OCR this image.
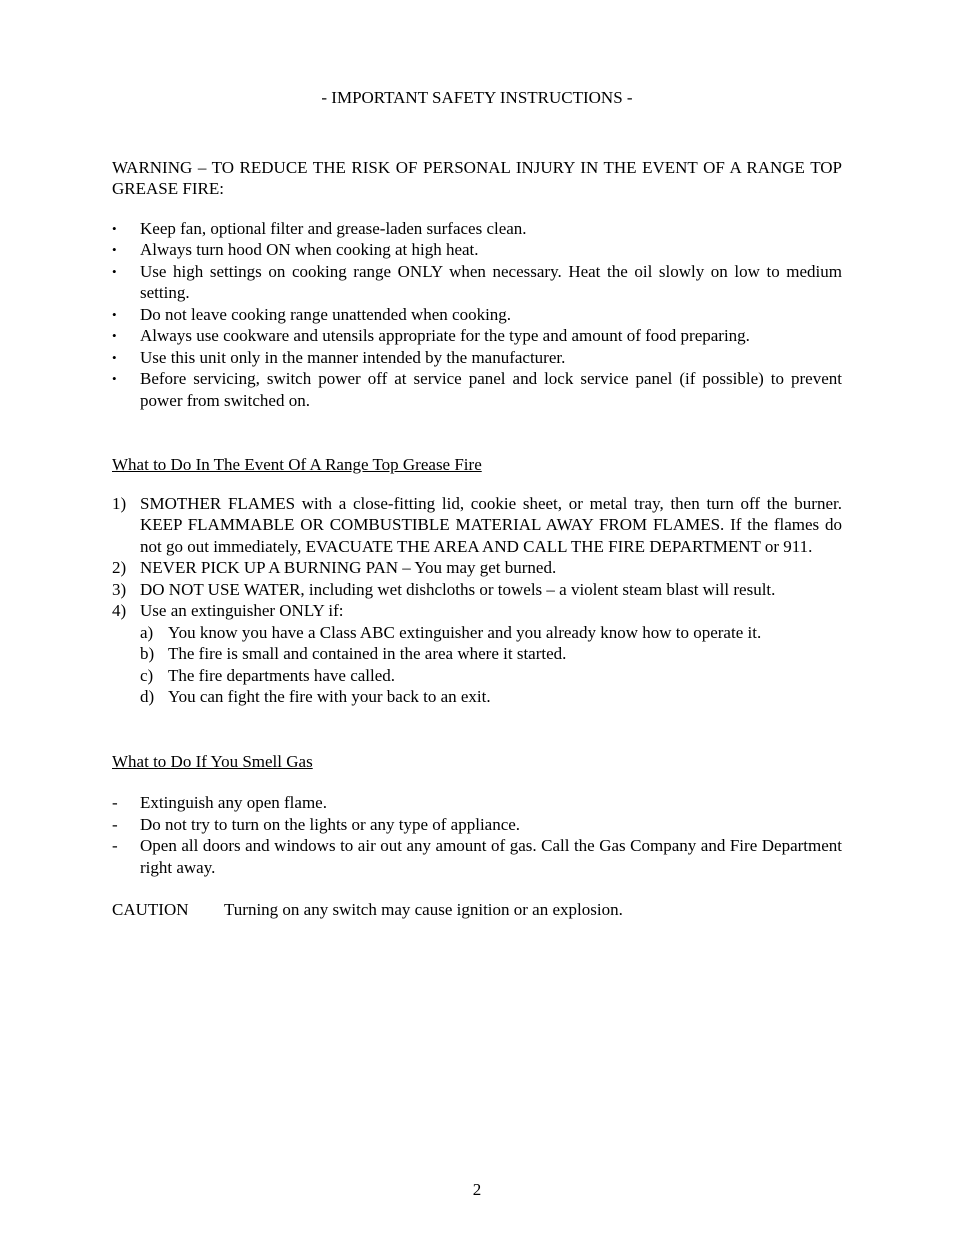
- IMPORTANT SAFETY INSTRUCTIONS -

WARNING – TO REDUCE THE RISK OF PERSONAL INJURY IN THE EVENT OF A RANGE TOP GREASE FIRE:

• Keep fan, optional filter and grease-laden surfaces clean.
• Always turn hood ON when cooking at high heat.
• Use high settings on cooking range ONLY when necessary. Heat the oil slowly on low to medium setting.
• Do not leave cooking range unattended when cooking.
• Always use cookware and utensils appropriate for the type and amount of food preparing.
• Use this unit only in the manner intended by the manufacturer.
• Before servicing, switch power off at service panel and lock service panel (if possible) to prevent power from switched on.

What to Do In The Event Of A Range Top Grease Fire

1) SMOTHER FLAMES with a close-fitting lid, cookie sheet, or metal tray, then turn off the burner. KEEP FLAMMABLE OR COMBUSTIBLE MATERIAL AWAY FROM FLAMES. If the flames do not go out immediately, EVACUATE THE AREA AND CALL THE FIRE DEPARTMENT or 911.
2) NEVER PICK UP A BURNING PAN – You may get burned.
3) DO NOT USE WATER, including wet dishcloths or towels – a violent steam blast will result.
4) Use an extinguisher ONLY if:
a) You know you have a Class ABC extinguisher and you already know how to operate it.
b) The fire is small and contained in the area where it started.
c) The fire departments have called.
d) You can fight the fire with your back to an exit.

What to Do If You Smell Gas

- Extinguish any open flame.
- Do not try to turn on the lights or any type of appliance.
- Open all doors and windows to air out any amount of gas. Call the Gas Company and Fire Department right away.
CAUTION	Turning on any switch may cause ignition or an explosion.
2
